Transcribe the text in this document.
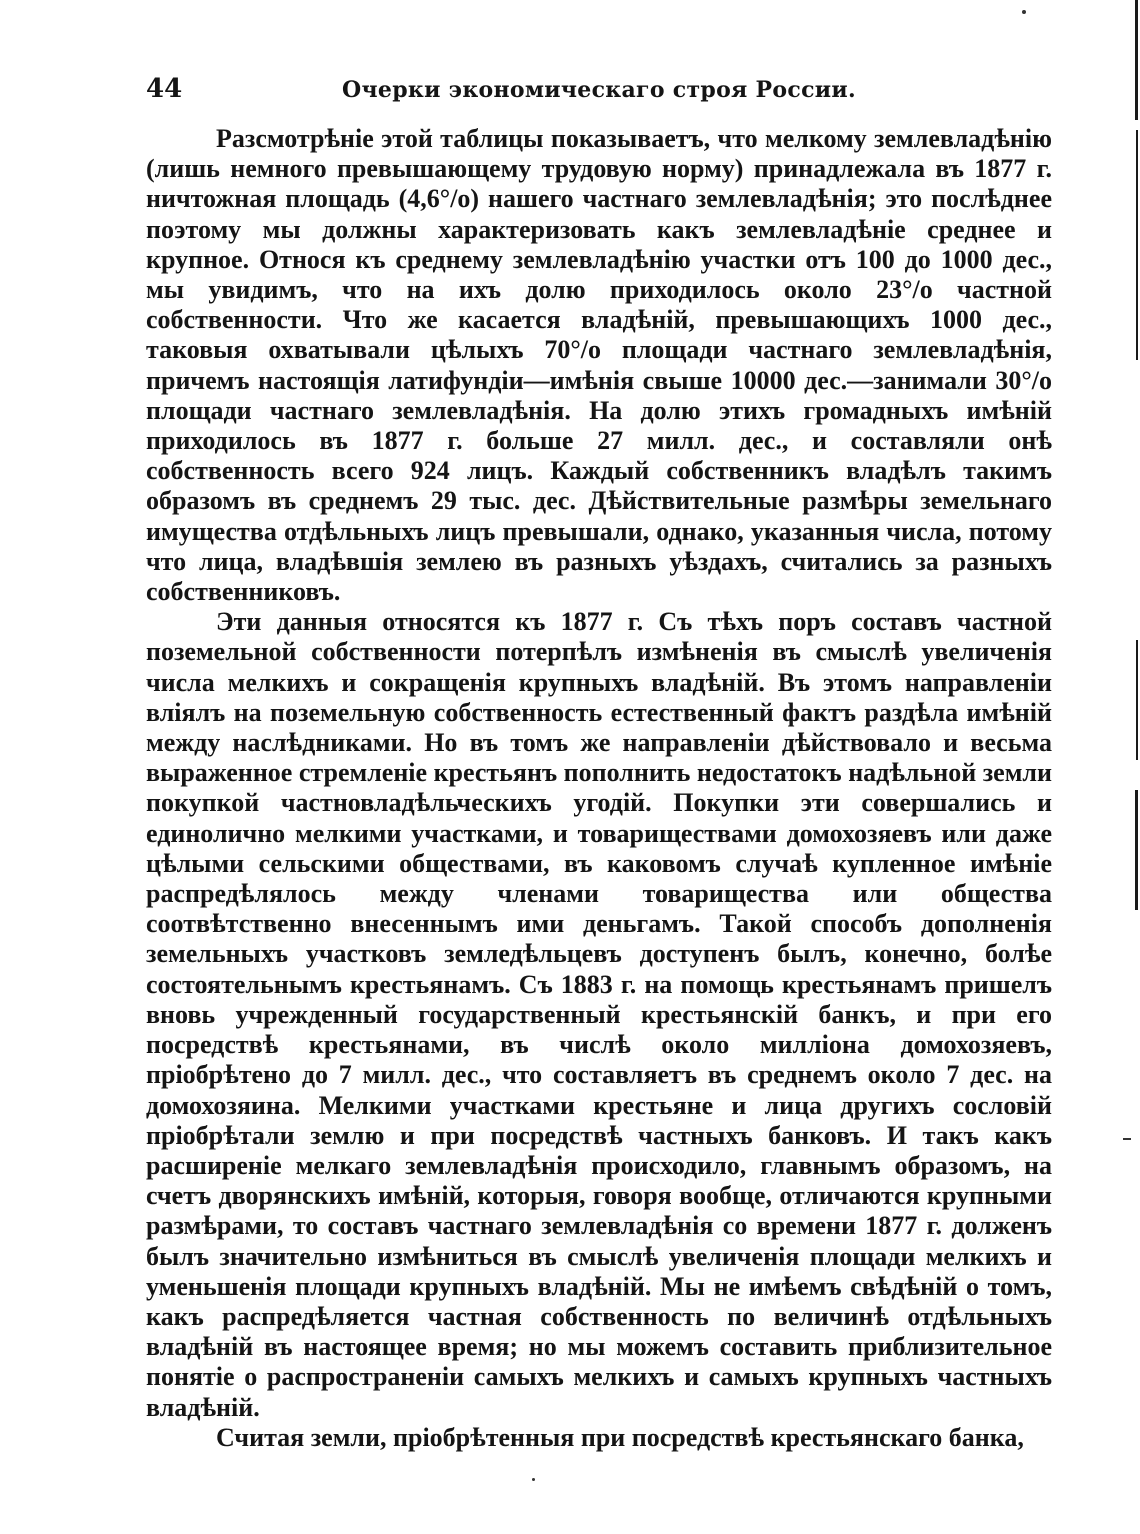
44	Очерки экономическаго строя России.

Разсмотрѣніе этой таблицы показываетъ, что мелкому землевладѣнію (лишь немного превышающему трудовую норму) принадлежала въ 1877 г. ничтожная площадь (4,6°/о) нашего частнаго землевладѣнія; это послѣднее поэтому мы должны характеризовать какъ землевладѣніе среднее и крупное. Относя къ среднему землевладѣнію участки отъ 100 до 1000 дес., мы увидимъ, что на ихъ долю приходилось около 23°/о частной собственности. Что же касается владѣній, превышающихъ 1000 дес., таковыя охватывали цѣлыхъ 70°/о площади частнаго землевладѣнія, причемъ настоящія латифундіи—имѣнія свыше 10000 дес.—занимали 30°/о площади частнаго землевладѣнія. На долю этихъ громадныхъ имѣній приходилось въ 1877 г. больше 27 милл. дес., и составляли онѣ собственность всего 924 лицъ. Каждый собственникъ владѣлъ такимъ образомъ въ среднемъ 29 тыс. дес. Дѣйствительные размѣры земельнаго имущества отдѣльныхъ лицъ превышали, однако, указанныя числа, потому что лица, владѣвшія землею въ разныхъ уѣздахъ, считались за разныхъ собственниковъ.

Эти данныя относятся къ 1877 г. Съ тѣхъ поръ составъ частной поземельной собственности потерпѣлъ измѣненія въ смыслѣ увеличенія числа мелкихъ и сокращенія крупныхъ владѣній. Въ этомъ направленіи вліялъ на поземельную собственность естественный фактъ раздѣла имѣній между наслѣдниками. Но въ томъ же направленіи дѣйствовало и весьма выраженное стремленіе крестьянъ пополнить недостатокъ надѣльной земли покупкой частновладѣльческихъ угодій. Покупки эти совершались и единолично мелкими участками, и товариществами домохозяевъ или даже цѣлыми сельскими обществами, въ каковомъ случаѣ купленное имѣніе распредѣлялось между членами товарищества или общества соотвѣтственно внесеннымъ ими деньгамъ. Такой способъ дополненія земельныхъ участковъ земледѣльцевъ доступенъ былъ, конечно, болѣе состоятельнымъ крестьянамъ. Съ 1883 г. на помощь крестьянамъ пришелъ вновь учрежденный государственный крестьянскій банкъ, и при его посредствѣ крестьянами, въ числѣ около милліона домохозяевъ, пріобрѣтено до 7 милл. дес., что составляетъ въ среднемъ около 7 дес. на домохозяина. Мелкими участками крестьяне и лица другихъ сословій пріобрѣтали землю и при посредствѣ частныхъ банковъ. И такъ какъ расширеніе мелкаго землевладѣнія происходило, главнымъ образомъ, на счетъ дворянскихъ имѣній, которыя, говоря вообще, отличаются крупными размѣрами, то составъ частнаго землевладѣнія со времени 1877 г. долженъ былъ значительно измѣниться въ смыслѣ увеличенія площади мелкихъ и уменьшенія площади крупныхъ владѣній. Мы не имѣемъ свѣдѣній о томъ, какъ распредѣляется частная собственность по величинѣ отдѣльныхъ владѣній въ настоящее время; но мы можемъ составить приблизительное понятіе о распространеніи самыхъ мелкихъ и самыхъ крупныхъ частныхъ владѣній.

Считая земли, пріобрѣтенныя при посредствѣ крестьянскаго банка,
